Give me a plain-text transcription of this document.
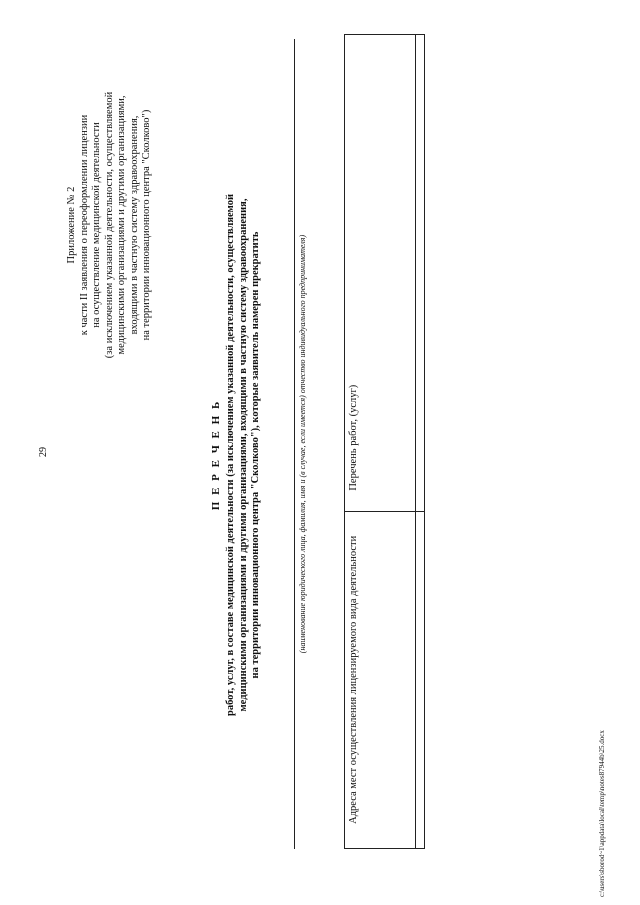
29
Приложение № 2 к части II заявления о переоформлении лицензии на осуществление медицинской деятельности (за исключением указанной деятельности, осуществляемой медицинскими организациями и другими организациями, входящими в частную систему здравоохранения, на территории инновационного центра "Сколково")
П Е Р Е Ч Е Н Ь работ, услуг, в составе медицинской деятельности (за исключением указанной деятельности, осуществляемой медицинскими организациями и другими организациями, входящими в частную систему здравоохранения, на территории инновационного центра "Сколково"), которые заявитель намерен прекратить	(наименование юридического лица, фамилия, имя и (в случае, если имеется) отчество индивидуального предпринимателя)
Адреса мест осуществления лицензируемого вида деятельности	Перечень работ, (услуг)

c:\users\sborod~1\appdata\local\temp\notes87944b\25.docx
